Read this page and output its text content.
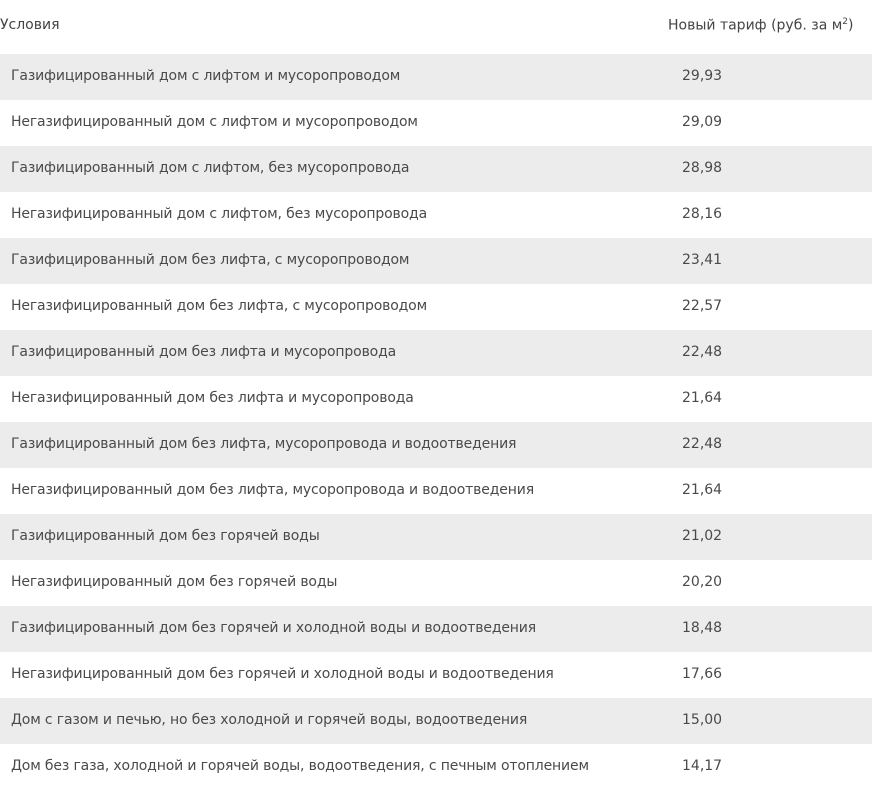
Условия	Новый тариф (руб. за $м^2$)
Газифицированный дом с лифтом и мусоропроводом	29,93
Негазифицированный дом с лифтом и мусоропроводом	29,09
Газифицированный дом с лифтом, без мусоропровода	28,98
Негазифицированный дом с лифтом, без мусоропровода	28,16
Газифицированный дом без лифта, с мусоропроводом	23,41
Негазифицированный дом без лифта, с мусоропроводом	22,57
Газифицированный дом без лифта и мусоропровода	22,48
Негазифицированный дом без лифта и мусоропровода	21,64
Газифицированный дом без лифта, мусоропровода и водоотведения	22,48
Негазифицированный дом без лифта, мусоропровода и водоотведения	21,64
Газифицированный дом без горячей воды	21,02
Негазифицированный дом без горячей воды	20,20
Газифицированный дом без горячей и холодной воды и водоотведения	18,48
Негазифицированный дом без горячей и холодной воды и водоотведения	17,66
Дом с газом и печью, но без холодной и горячей воды, водоотведения	15,00
Дом без газа, холодной и горячей воды, водоотведения, с печным отоплением	14,17
